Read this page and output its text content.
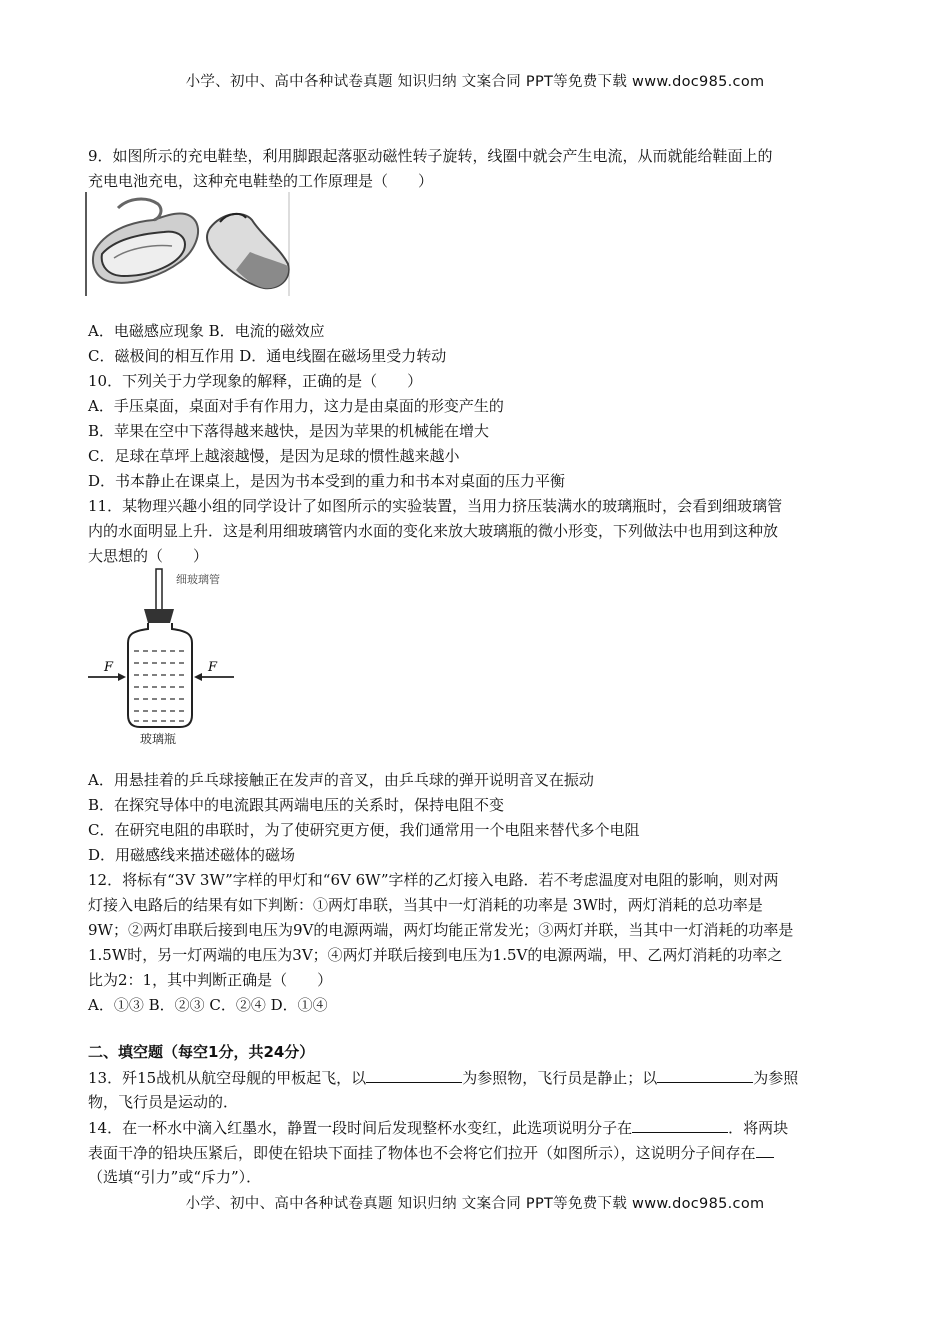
小学、初中、高中各种试卷真题 知识归纳 文案合同 PPT等免费下载 www.doc985.com
9．如图所示的充电鞋垫，利用脚跟起落驱动磁性转子旋转，线圈中就会产生电流，从而就能给鞋面上的
充电电池充电，这种充电鞋垫的工作原理是（　　）
A．电磁感应现象 B．电流的磁效应
C．磁极间的相互作用 D．通电线圈在磁场里受力转动
10．下列关于力学现象的解释，正确的是（　　）
A．手压桌面，桌面对手有作用力，这力是由桌面的形变产生的
B．苹果在空中下落得越来越快，是因为苹果的机械能在增大
C．足球在草坪上越滚越慢，是因为足球的惯性越来越小
D．书本静止在课桌上，是因为书本受到的重力和书本对桌面的压力平衡
11．某物理兴趣小组的同学设计了如图所示的实验装置，当用力挤压装满水的玻璃瓶时，会看到细玻璃管
内的水面明显上升．这是利用细玻璃管内水面的变化来放大玻璃瓶的微小形变，下列做法中也用到这种放
大思想的（　　）
细玻璃管
F	F
玻璃瓶
A．用悬挂着的乒乓球接触正在发声的音叉，由乒乓球的弹开说明音叉在振动
B．在探究导体中的电流跟其两端电压的关系时，保持电阻不变
C．在研究电阻的串联时，为了使研究更方便，我们通常用一个电阻来替代多个电阻
D．用磁感线来描述磁体的磁场
12．将标有“3V 3W”字样的甲灯和“6V 6W”字样的乙灯接入电路．若不考虑温度对电阻的影响，则对两
灯接入电路后的结果有如下判断：①两灯串联，当其中一灯消耗的功率是 3W时，两灯消耗的总功率是
9W；②两灯串联后接到电压为9V的电源两端，两灯均能正常发光；③两灯并联，当其中一灯消耗的功率是
1.5W时，另一灯两端的电压为3V；④两灯并联后接到电压为1.5V的电源两端，甲、乙两灯消耗的功率之
比为2：1，其中判断正确是（　　）
A．①③ B．②③ C．②④ D．①④
二、填空题（每空1分，共24分）
13．歼15战机从航空母舰的甲板起飞，以	为参照物，飞行员是静止；以	为参照
物，飞行员是运动的．
14．在一杯水中滴入红墨水，静置一段时间后发现整杯水变红，此选项说明分子在	．将两块
表面干净的铅块压紧后，即使在铅块下面挂了物体也不会将它们拉开（如图所示），这说明分子间存在
（选填“引力”或“斥力”）．
小学、初中、高中各种试卷真题 知识归纳 文案合同 PPT等免费下载 www.doc985.com
